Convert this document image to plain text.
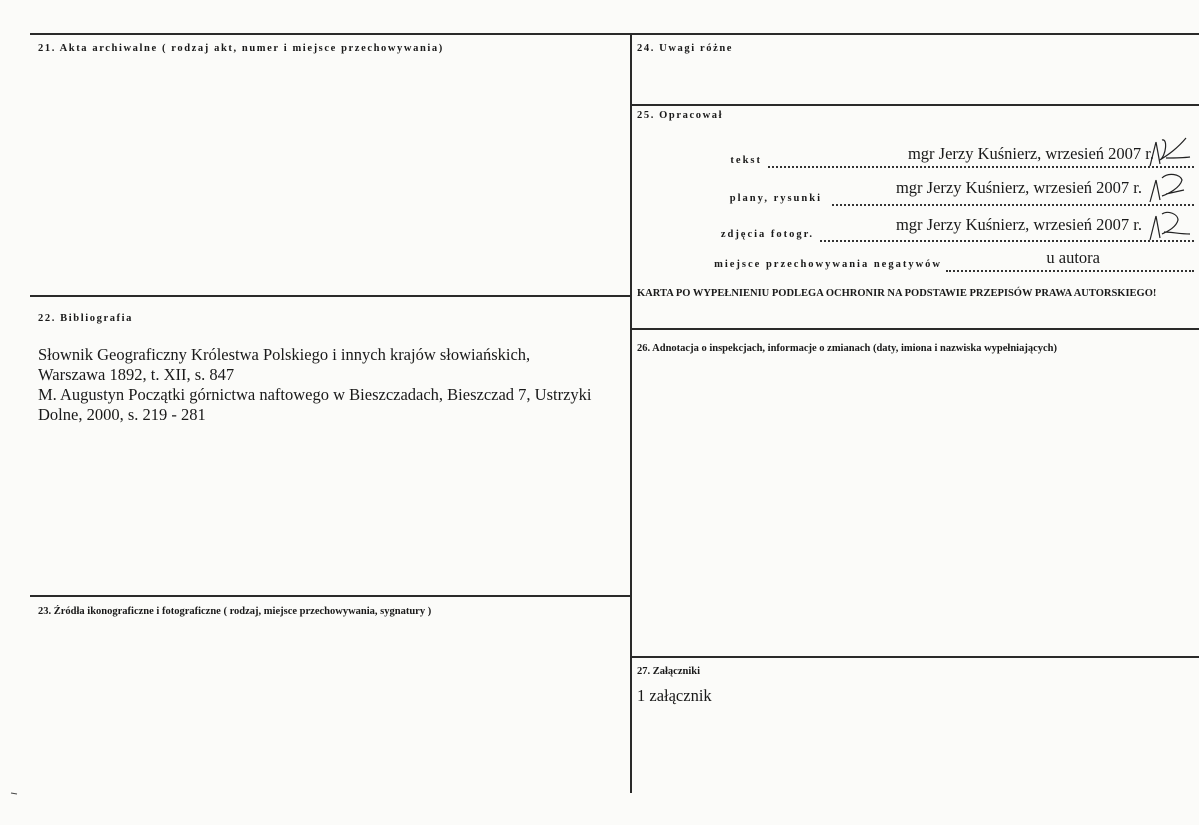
21. Akta archiwalne ( rodzaj akt, numer i miejsce przechowywania)
22. Bibliografia
Słownik Geograficzny Królestwa Polskiego i innych krajów słowiańskich,
Warszawa 1892, t. XII, s. 847
M. Augustyn Początki górnictwa naftowego w Bieszczadach, Bieszczad 7, Ustrzyki
Dolne, 2000, s. 219 - 281
23. Źródła ikonograficzne i fotograficzne ( rodzaj, miejsce przechowywania, sygnatury )
24. Uwagi różne
25. Opracował
tekst	mgr Jerzy Kuśnierz, wrzesień 2007 r.
plany, rysunki
mgr Jerzy Kuśnierz, wrzesień 2007 r.
zdjęcia fotogr.
mgr Jerzy Kuśnierz, wrzesień 2007 r.
miejsce przechowywania negatywów	u autora
KARTA PO WYPEŁNIENIU PODLEGA OCHRONIR NA PODSTAWIE PRZEPISÓW PRAWA AUTORSKIEGO!
26. Adnotacja o inspekcjach, informacje o zmianach (daty, imiona i nazwiska wypełniających)
27. Załączniki
1 załącznik
